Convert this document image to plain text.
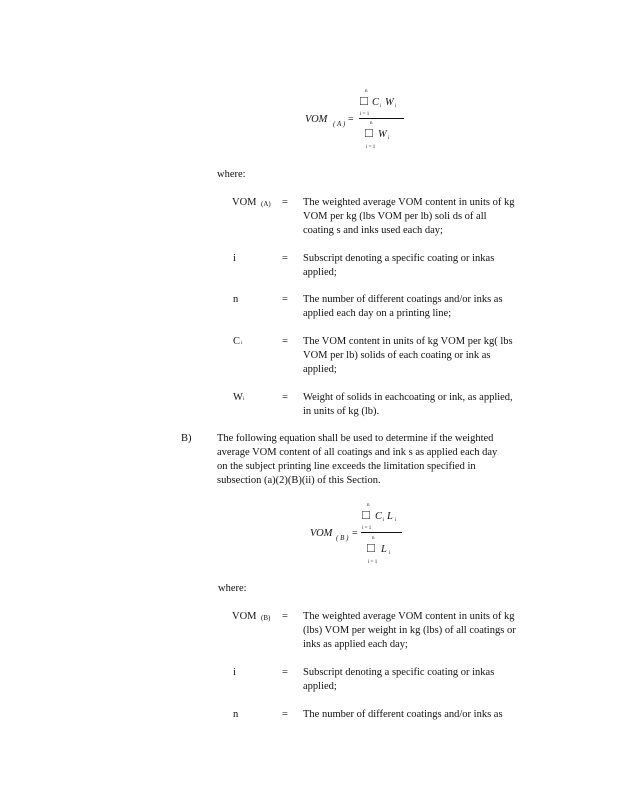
VOM ( A ) =
n
□ C i W i
i = 1
n
□ W i
i = 1
where:
VOM (A) = The weighted average VOM content in units of kg
VOM per kg (lbs VOM per lb) soli ds of all
coating s and inks used each day;
i	= Subscript denoting a specific coating or inkas
applied;
n	= The number of different coatings and/or inks as
applied each day on a printing line;
C i	= The VOM content in units of kg VOM per kg( lbs
VOM per lb) solids of each coating or ink as
applied;
W i	= Weight of solids in eachcoating or ink, as applied,
in units of kg (lb).
B) The following equation shall be used to determine if the weighted
average VOM content of all coatings and ink s as applied each day
on the subject printing line exceeds the limitation specified in
subsection (a)(2)(B)(ii) of this Section.
VOM ( B ) =
n
□ C i L i
i = 1
n
□ L i
i = 1
where:
VOM (B) = The weighted average VOM content in units of kg
(lbs) VOM per weight in kg (lbs) of all coatings or
inks as applied each day;
i	= Subscript denoting a specific coating or inkas
applied;
n	= The number of different coatings and/or inks as
